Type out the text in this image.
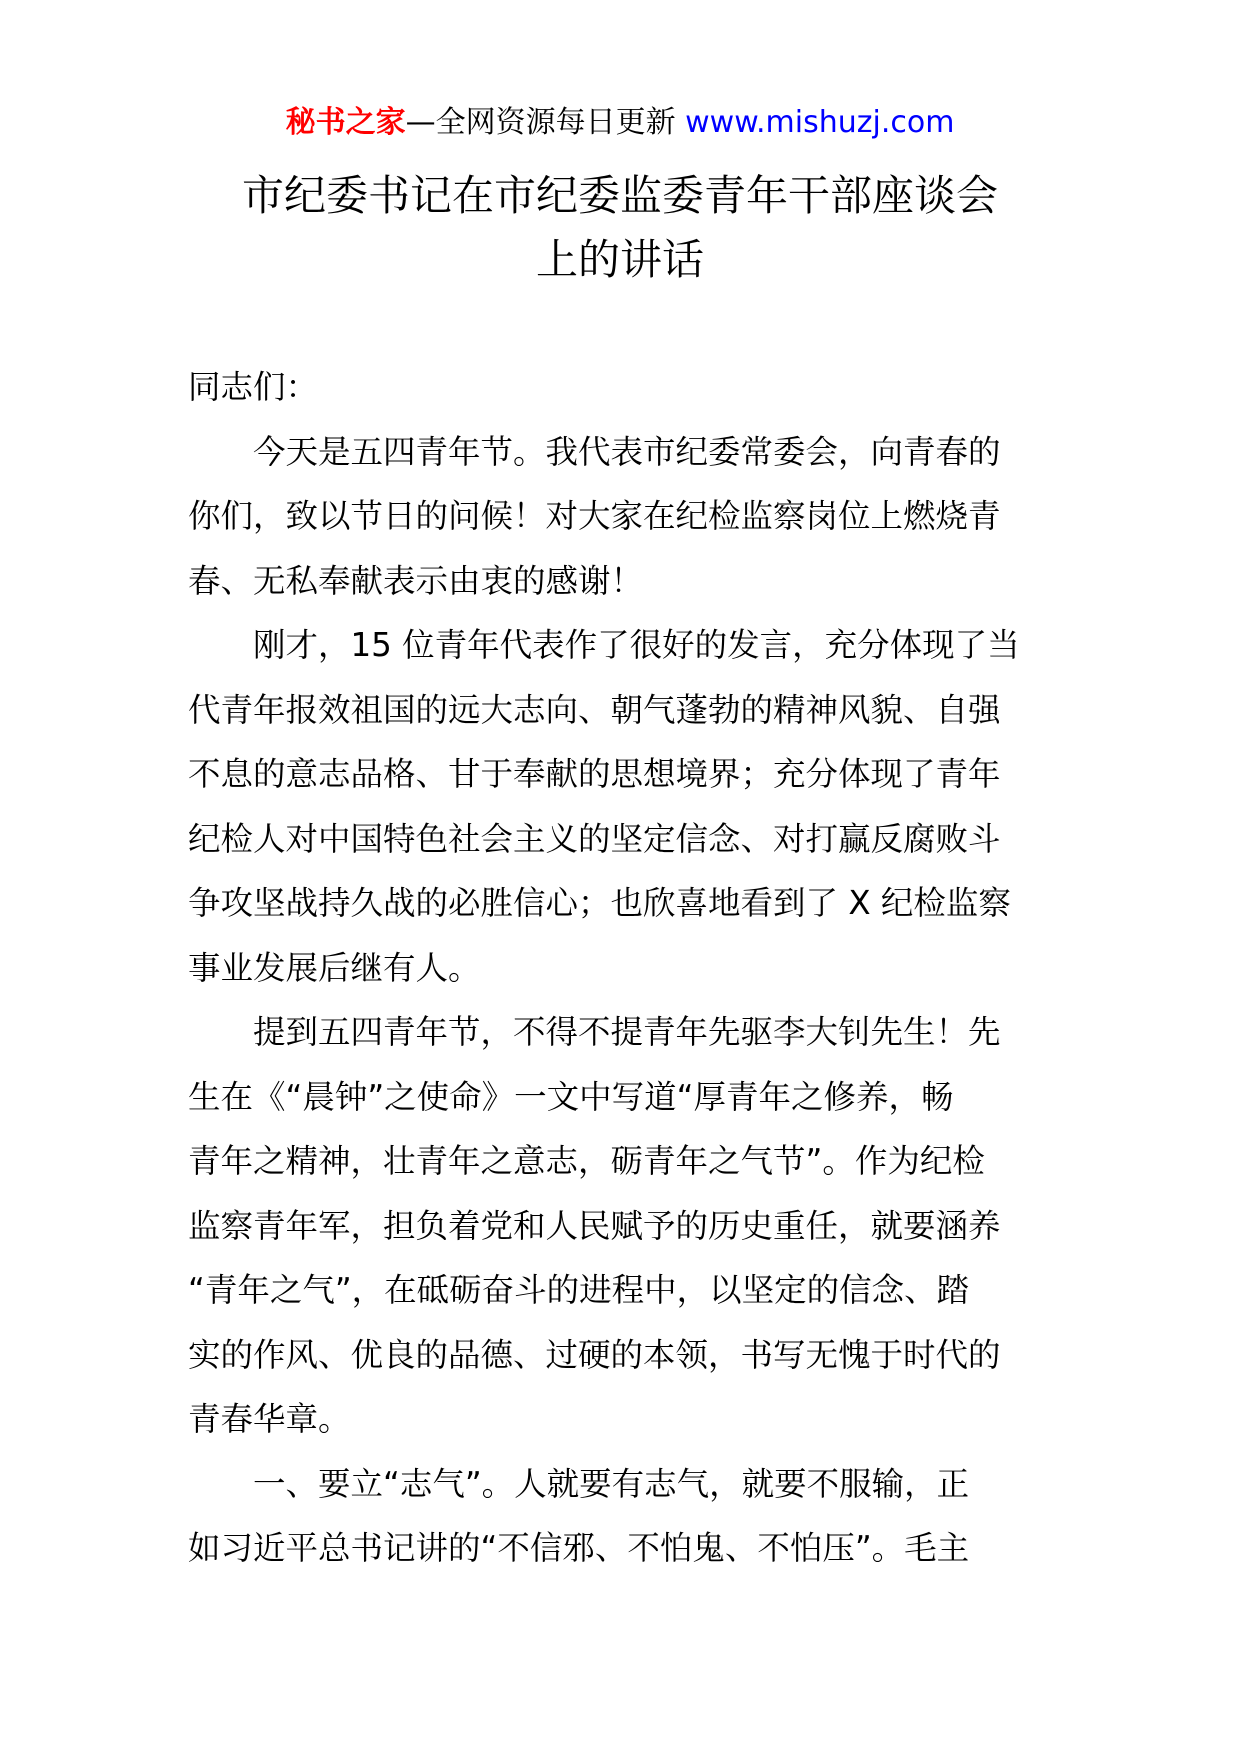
秘书之家—全网资源每日更新 www.mishuzj.com
市纪委书记在市纪委监委青年干部座谈会
上的讲话
同志们：
今天是五四青年节。我代表市纪委常委会，向青春的
你们，致以节日的问候！对大家在纪检监察岗位上燃烧青
春、无私奉献表示由衷的感谢！
刚才，15 位青年代表作了很好的发言，充分体现了当
代青年报效祖国的远大志向、朝气蓬勃的精神风貌、自强
不息的意志品格、甘于奉献的思想境界；充分体现了青年
纪检人对中国特色社会主义的坚定信念、对打赢反腐败斗
争攻坚战持久战的必胜信心；也欣喜地看到了 X 纪检监察
事业发展后继有人。
提到五四青年节，不得不提青年先驱李大钊先生！先
生在《“晨钟”之使命》一文中写道“厚青年之修养，畅
青年之精神，壮青年之意志，砺青年之气节”。作为纪检
监察青年军，担负着党和人民赋予的历史重任，就要涵养
“青年之气”，在砥砺奋斗的进程中，以坚定的信念、踏
实的作风、优良的品德、过硬的本领，书写无愧于时代的
青春华章。
一、要立“志气”。人就要有志气，就要不服输，正
如习近平总书记讲的“不信邪、不怕鬼、不怕压”。毛主
